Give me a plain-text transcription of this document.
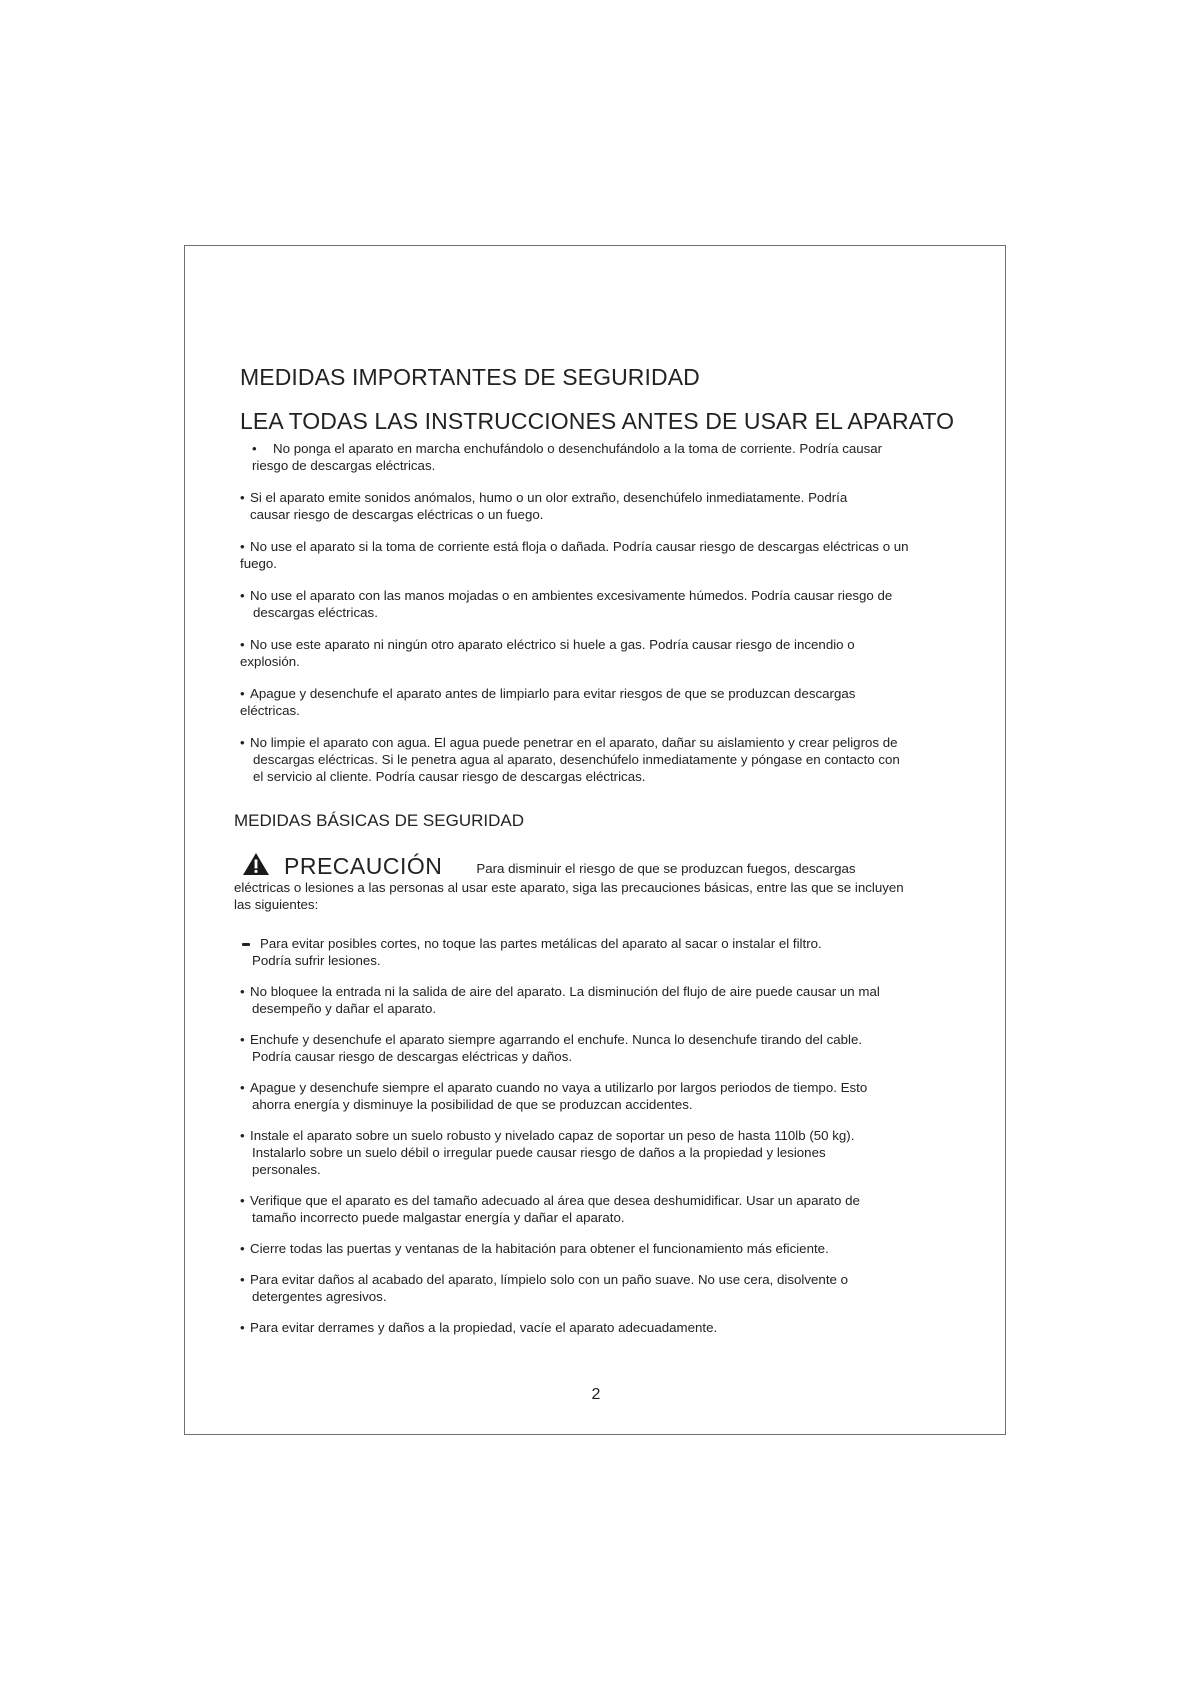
MEDIDAS IMPORTANTES DE SEGURIDAD
LEA TODAS LAS INSTRUCCIONES ANTES DE USAR EL APARATO

• No ponga el aparato en marcha enchufándolo o desenchufándolo a la toma de corriente. Podría causar
riesgo de descargas eléctricas.

• Si el aparato emite sonidos anómalos, humo o un olor extraño, desenchúfelo inmediatamente. Podría
causar riesgo de descargas eléctricas o un fuego.

• No use el aparato si la toma de corriente está floja o dañada. Podría causar riesgo de descargas eléctricas o un
fuego.

• No use el aparato con las manos mojadas o en ambientes excesivamente húmedos. Podría causar riesgo de
descargas eléctricas.

• No use este aparato ni ningún otro aparato eléctrico si huele a gas. Podría causar riesgo de incendio o
explosión.

• Apague y desenchufe el aparato antes de limpiarlo para evitar riesgos de que se produzcan descargas
eléctricas.

• No limpie el aparato con agua. El agua puede penetrar en el aparato, dañar su aislamiento y crear peligros de
descargas eléctricas. Si le penetra agua al aparato, desenchúfelo inmediatamente y póngase en contacto con
el servicio al cliente. Podría causar riesgo de descargas eléctricas.

MEDIDAS BÁSICAS DE SEGURIDAD

PRECAUCIÓN	Para disminuir el riesgo de que se produzcan fuegos, descargas

eléctricas o lesiones a las personas al usar este aparato, siga las precauciones básicas, entre las que se incluyen

las siguientes:

Para evitar posibles cortes, no toque las partes metálicas del aparato al sacar o instalar el filtro.
Podría sufrir lesiones.

• No bloquee la entrada ni la salida de aire del aparato. La disminución del flujo de aire puede causar un mal
desempeño y dañar el aparato.

• Enchufe y desenchufe el aparato siempre agarrando el enchufe. Nunca lo desenchufe tirando del cable.
Podría causar riesgo de descargas eléctricas y daños.

• Apague y desenchufe siempre el aparato cuando no vaya a utilizarlo por largos periodos de tiempo. Esto
ahorra energía y disminuye la posibilidad de que se produzcan accidentes.

• Instale el aparato sobre un suelo robusto y nivelado capaz de soportar un peso de hasta 110lb (50 kg).
Instalarlo sobre un suelo débil o irregular puede causar riesgo de daños a la propiedad y lesiones
personales.

• Verifique que el aparato es del tamaño adecuado al área que desea deshumidificar. Usar un aparato de
tamaño incorrecto puede malgastar energía y dañar el aparato.

• Cierre todas las puertas y ventanas de la habitación para obtener el funcionamiento más eficiente.

• Para evitar daños al acabado del aparato, límpielo solo con un paño suave. No use cera, disolvente o
detergentes agresivos.

• Para evitar derrames y daños a la propiedad, vacíe el aparato adecuadamente.

2
